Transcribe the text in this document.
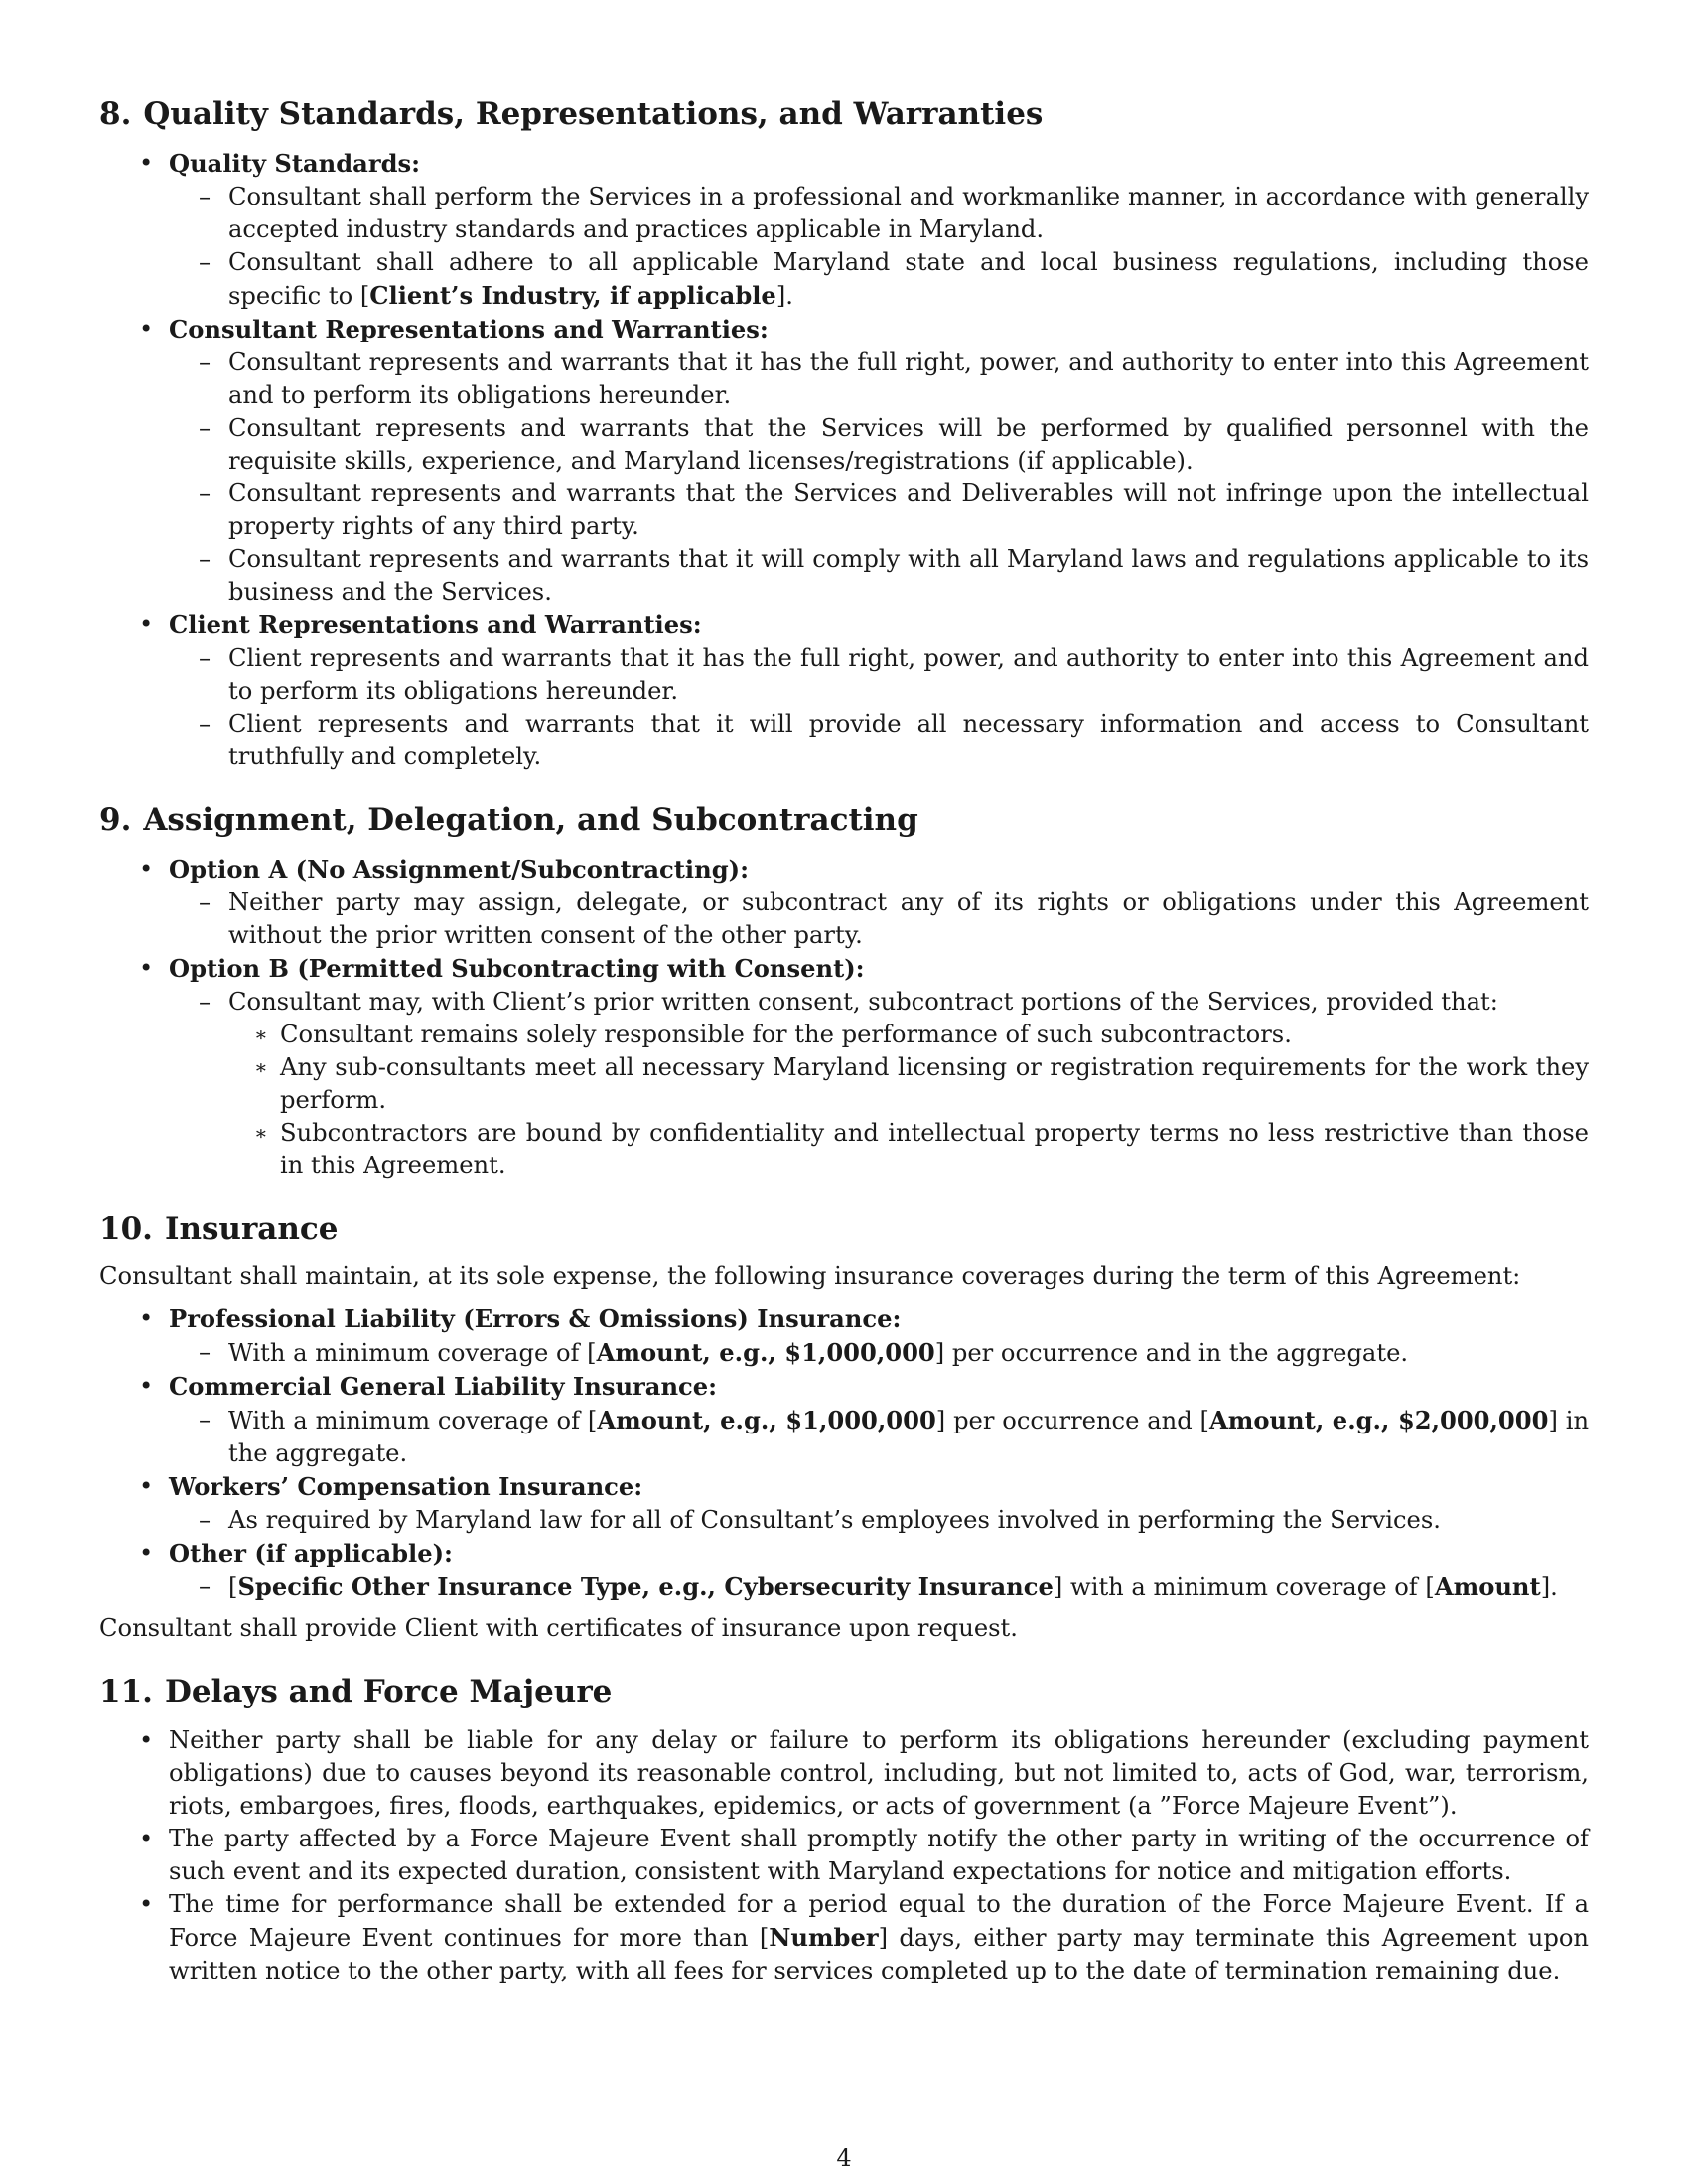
8. Quality Standards, Representations, and Warranties
• Quality Standards:
– Consultant shall perform the Services in a professional and workmanlike manner, in accordance with generally accepted industry standards and practices applicable in Maryland.
– Consultant shall adhere to all applicable Maryland state and local business regulations, including those specific to [Client’s Industry, if applicable].
• Consultant Representations and Warranties:
– Consultant represents and warrants that it has the full right, power, and authority to enter into this Agreement and to perform its obligations hereunder.
– Consultant represents and warrants that the Services will be performed by qualified personnel with the requisite skills, experience, and Maryland licenses/registrations (if applicable).
– Consultant represents and warrants that the Services and Deliverables will not infringe upon the intellectual property rights of any third party.
– Consultant represents and warrants that it will comply with all Maryland laws and regulations applicable to its business and the Services.
• Client Representations and Warranties:
– Client represents and warrants that it has the full right, power, and authority to enter into this Agreement and to perform its obligations hereunder.
– Client represents and warrants that it will provide all necessary information and access to Consultant truthfully and completely.
9. Assignment, Delegation, and Subcontracting
• Option A (No Assignment/Subcontracting):
– Neither party may assign, delegate, or subcontract any of its rights or obligations under this Agreement without the prior written consent of the other party.
• Option B (Permitted Subcontracting with Consent):
– Consultant may, with Client’s prior written consent, subcontract portions of the Services, provided that:
∗ Consultant remains solely responsible for the performance of such subcontractors.
∗ Any sub-consultants meet all necessary Maryland licensing or registration requirements for the work they perform.
∗ Subcontractors are bound by confidentiality and intellectual property terms no less restrictive than those in this Agreement.
10. Insurance
Consultant shall maintain, at its sole expense, the following insurance coverages during the term of this Agreement:
• Professional Liability (Errors & Omissions) Insurance:
– With a minimum coverage of [Amount, e.g., $1,000,000] per occurrence and in the aggregate.
• Commercial General Liability Insurance:
– With a minimum coverage of [Amount, e.g., $1,000,000] per occurrence and [Amount, e.g., $2,000,000] in the aggregate.
• Workers’ Compensation Insurance:
– As required by Maryland law for all of Consultant’s employees involved in performing the Services.
• Other (if applicable):
– [Specific Other Insurance Type, e.g., Cybersecurity Insurance] with a minimum coverage of [Amount].
Consultant shall provide Client with certificates of insurance upon request.
11. Delays and Force Majeure
• Neither party shall be liable for any delay or failure to perform its obligations hereunder (excluding payment obligations) due to causes beyond its reasonable control, including, but not limited to, acts of God, war, terrorism, riots, embargoes, fires, floods, earthquakes, epidemics, or acts of government (a ”Force Majeure Event”).
• The party affected by a Force Majeure Event shall promptly notify the other party in writing of the occurrence of such event and its expected duration, consistent with Maryland expectations for notice and mitigation efforts.
• The time for performance shall be extended for a period equal to the duration of the Force Majeure Event. If a Force Majeure Event continues for more than [Number] days, either party may terminate this Agreement upon written notice to the other party, with all fees for services completed up to the date of termination remaining due.
4
